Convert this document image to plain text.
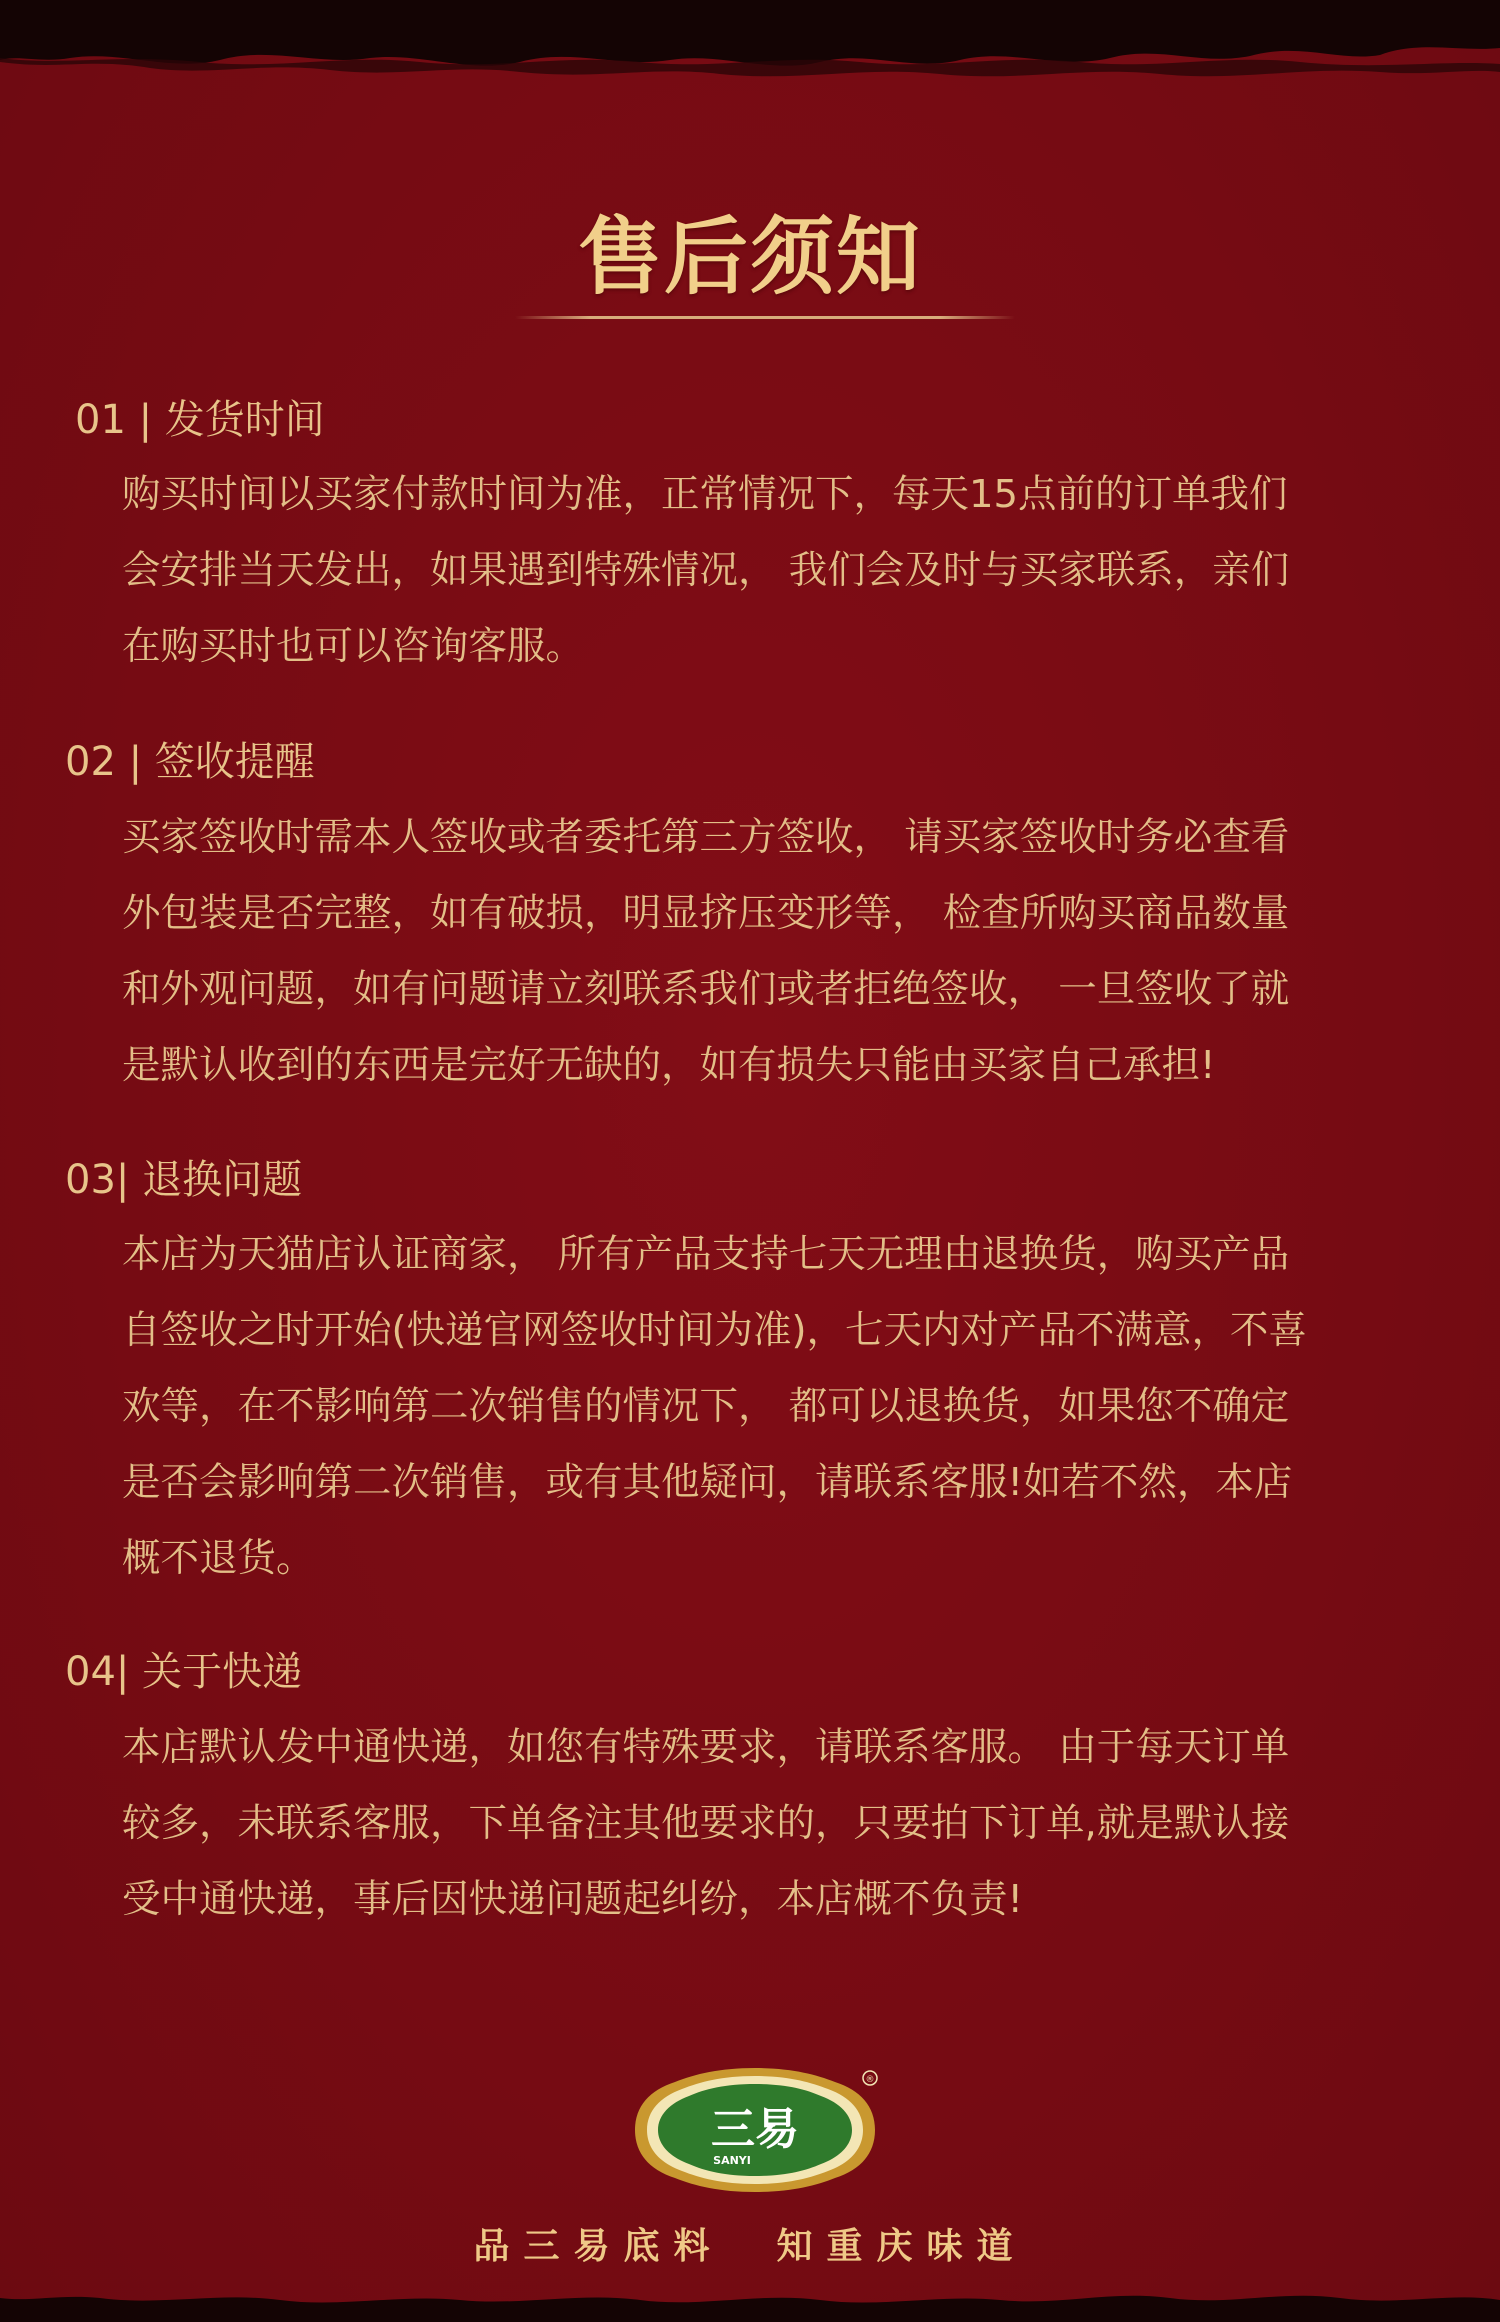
售后须知
01 | 发货时间
购买时间以买家付款时间为准，正常情况下，每天15点前的订单我们
会安排当天发出，如果遇到特殊情况， 我们会及时与买家联系，亲们
在购买时也可以咨询客服。
02 | 签收提醒
买家签收时需本人签收或者委托第三方签收， 请买家签收时务必查看
外包装是否完整，如有破损，明显挤压变形等， 检查所购买商品数量
和外观问题，如有问题请立刻联系我们或者拒绝签收， 一旦签收了就
是默认收到的东西是完好无缺的，如有损失只能由买家自己承担!
03| 退换问题
本店为天猫店认证商家， 所有产品支持七天无理由退换货，购买产品
自签收之时开始(快递官网签收时间为准)，七天内对产品不满意，不喜
欢等，在不影响第二次销售的情况下， 都可以退换货，如果您不确定
是否会影响第二次销售，或有其他疑问，请联系客服!如若不然，本店
概不退货。
04| 关于快递
本店默认发中通快递，如您有特殊要求，请联系客服。 由于每天订单
较多，未联系客服，下单备注其他要求的，只要拍下订单,就是默认接
受中通快递，事后因快递问题起纠纷，本店概不负责!
三易
SANYI
®
品三易底料  知重庆味道
